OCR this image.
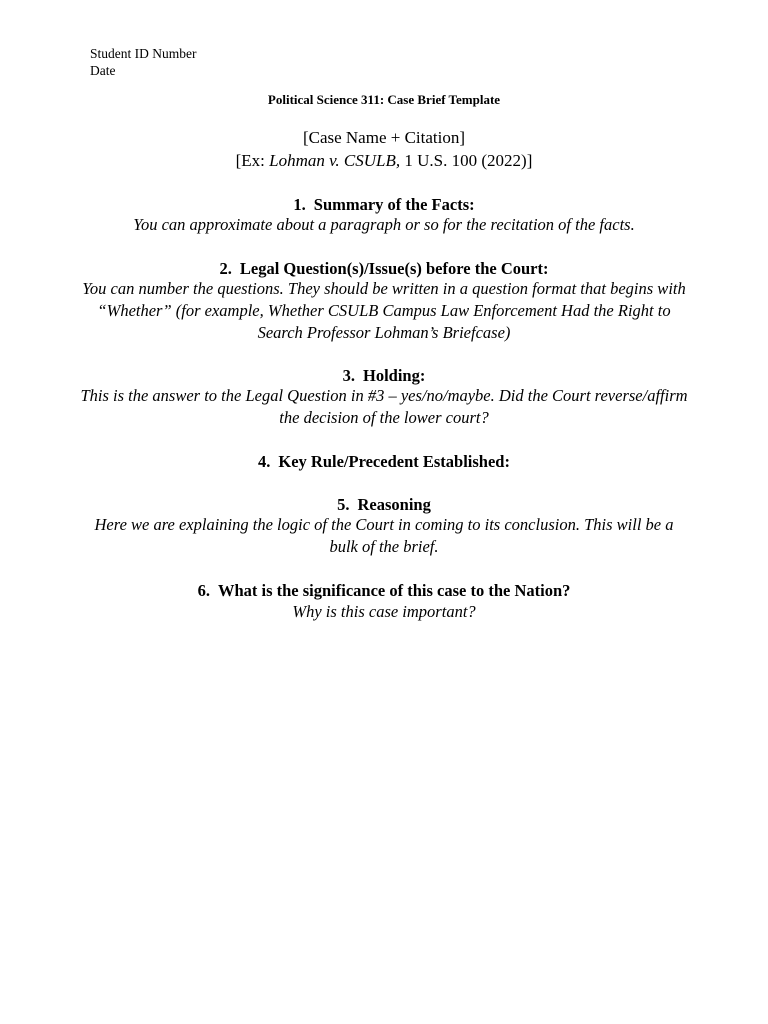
Student ID Number
Date
Political Science 311: Case Brief Template
[Case Name + Citation]
[Ex: Lohman v. CSULB, 1 U.S. 100 (2022)]
1. Summary of the Facts:
You can approximate about a paragraph or so for the recitation of the facts.
2. Legal Question(s)/Issue(s) before the Court:
You can number the questions. They should be written in a question format that begins with “Whether” (for example, Whether CSULB Campus Law Enforcement Had the Right to Search Professor Lohman’s Briefcase)
3. Holding:
This is the answer to the Legal Question in #3 – yes/no/maybe. Did the Court reverse/affirm the decision of the lower court?
4. Key Rule/Precedent Established:
5. Reasoning
Here we are explaining the logic of the Court in coming to its conclusion. This will be a bulk of the brief.
6. What is the significance of this case to the Nation?
Why is this case important?
